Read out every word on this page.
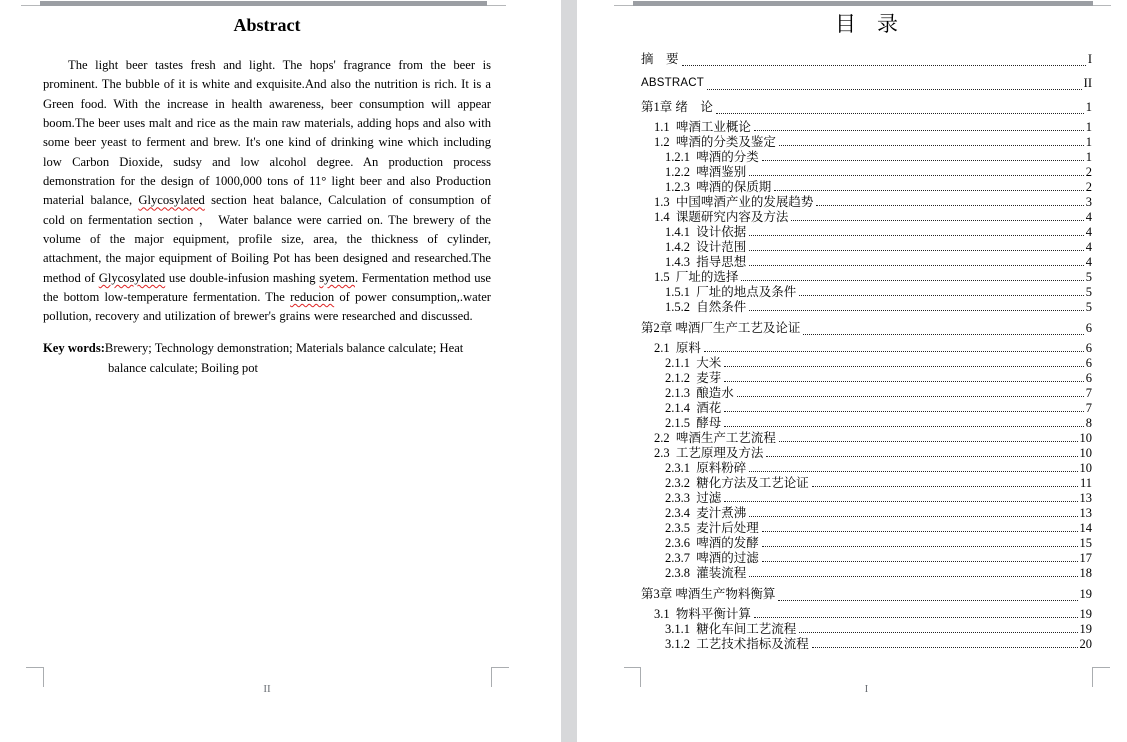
Abstract

The light beer tastes fresh and light. The hops' fragrance from the beer is prominent. The bubble of it is white and exquisite.And also the nutrition is rich. It is a Green food. With the increase in health awareness, beer consumption will appear boom.The beer uses malt and rice as the main raw materials, adding hops and also with some beer yeast to ferment and brew. It's one kind of drinking wine which including low Carbon Dioxide, sudsy and low alcohol degree. An production process demonstration for the design of 1000,000 tons of 11° light beer and also Production material balance, Glycosylated section heat balance, Calculation of consumption of cold on fermentation section ， Water balance were carried on. The brewery of the volume of the major equipment, profile size, area, the thickness of cylinder, attachment, the major equipment of Boiling Pot has been designed and researched.The method of Glycosylated use double-infusion mashing syetem. Fermentation method use the bottom low-temperature fermentation. The reducion of power consumption,.water pollution, recovery and utilization of brewer's grains were researched and discussed.

Key words:Brewery; Technology demonstration; Materials balance calculate; Heat balance calculate; Boiling pot

II
目　录
摘　要	I
ABSTRACT	II
第1章 绪　论	1
1.1  啤酒工业概论	1
1.2  啤酒的分类及鉴定	1
1.2.1  啤酒的分类	1
1.2.2  啤酒鉴别	2
1.2.3  啤酒的保质期	2
1.3  中国啤酒产业的发展趋势	3
1.4  课题研究内容及方法	4
1.4.1  设计依据	4
1.4.2  设计范围	4
1.4.3  指导思想	4
1.5  厂址的选择	5
1.5.1  厂址的地点及条件	5
1.5.2  自然条件	5
第2章 啤酒厂生产工艺及论证	6
2.1  原料	6
2.1.1  大米	6
2.1.2  麦芽	6
2.1.3  酿造水	7
2.1.4  酒花	7
2.1.5  酵母	8
2.2  啤酒生产工艺流程	10
2.3  工艺原理及方法	10
2.3.1  原料粉碎	10
2.3.2  糖化方法及工艺论证	11
2.3.3  过滤	13
2.3.4  麦汁煮沸	13
2.3.5  麦汁后处理	14
2.3.6  啤酒的发酵	15
2.3.7  啤酒的过滤	17
2.3.8  灌装流程	18
第3章 啤酒生产物料衡算	19
3.1  物料平衡计算	19
3.1.1  糖化车间工艺流程	19
3.1.2  工艺技术指标及流程	20
I
